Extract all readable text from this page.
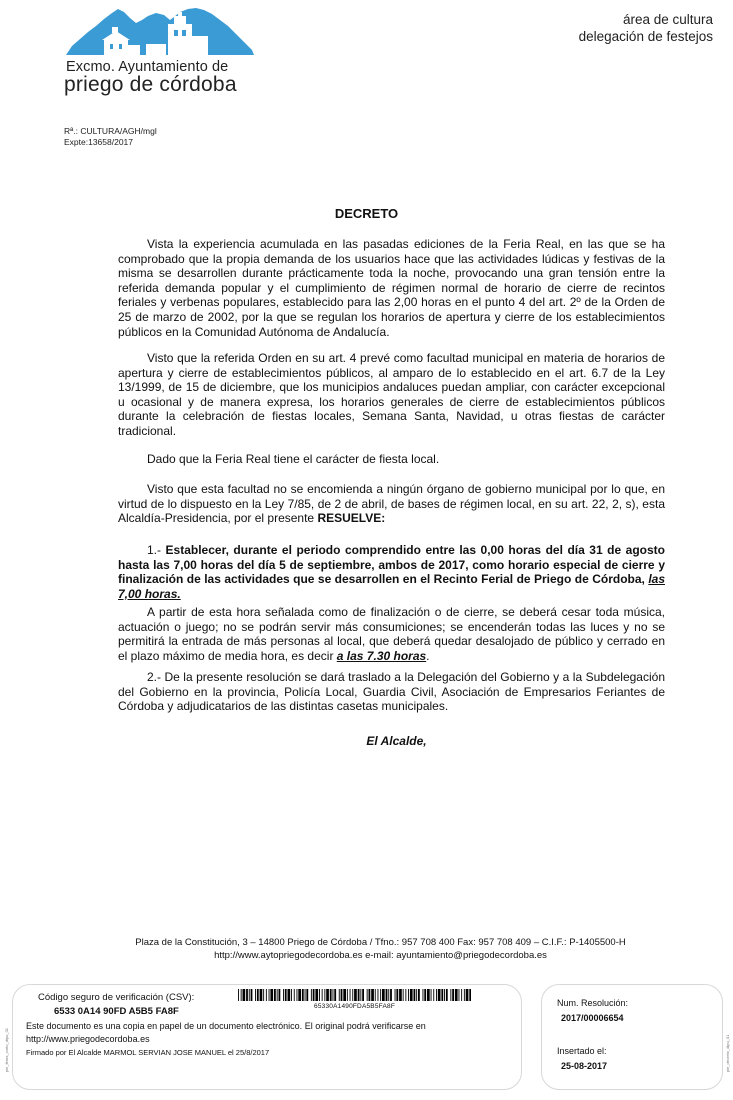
Excmo. Ayuntamiento de
priego de córdoba
área de cultura
delegación de festejos
Rª.: CULTURA/AGH/mgl
Expte:13658/2017
DECRETO

Vista la experiencia acumulada en las pasadas ediciones de la Feria Real, en las que se ha comprobado que la propia demanda de los usuarios hace que las actividades lúdicas y festivas de la misma se desarrollen durante prácticamente toda la noche, provocando una gran tensión entre la referida demanda popular y el cumplimiento de régimen normal de horario de cierre de recintos feriales y verbenas populares, establecido para las 2,00 horas en el punto 4 del art. 2º de la Orden de 25 de marzo de 2002, por la que se regulan los horarios de apertura y cierre de los establecimientos públicos en la Comunidad Autónoma de Andalucía.

Visto que la referida Orden en su art. 4 prevé como facultad municipal en materia de horarios de apertura y cierre de establecimientos públicos, al amparo de lo establecido en el art. 6.7 de la Ley 13/1999, de 15 de diciembre, que los municipios andaluces puedan ampliar, con carácter excepcional u ocasional y de manera expresa, los horarios generales de cierre de establecimientos públicos durante la celebración de fiestas locales, Semana Santa, Navidad, u otras fiestas de carácter tradicional.

Dado que la Feria Real tiene el carácter de fiesta local.

Visto que esta facultad no se encomienda a ningún órgano de gobierno municipal por lo que, en virtud de lo dispuesto en la Ley 7/85, de 2 de abril, de bases de régimen local, en su art. 22, 2, s), esta Alcaldía-Presidencia, por el presente RESUELVE:

1.- Establecer, durante el periodo comprendido entre las 0,00 horas del día 31 de agosto hasta las 7,00 horas del día 5 de septiembre, ambos de 2017, como horario especial de cierre y finalización de las actividades que se desarrollen en el Recinto Ferial de Priego de Córdoba, las 7,00 horas.

A partir de esta hora señalada como de finalización o de cierre, se deberá cesar toda música, actuación o juego; no se podrán servir más consumiciones; se encenderán todas las luces y no se permitirá la entrada de más personas al local, que deberá quedar desalojado de público y cerrado en el plazo máximo de media hora, es decir a las 7.30 horas.

2.- De la presente resolución se dará traslado a la Delegación del Gobierno y a la Subdelegación del Gobierno en la provincia, Policía Local, Guardia Civil, Asociación de Empresarios Feriantes de Córdoba y adjudicatarios de las distintas casetas municipales.

El Alcalde,
Plaza de la Constitución, 3 – 14800 Priego de Córdoba / Tfno.: 957 708 400 Fax: 957 708 409 – C.I.F.: P-1405500-H
http://www.aytopriegodecordoba.es e-mail: ayuntamiento@priegodecordoba.es
pie_firma_corto_dipu_01	pie_decreto_dipu_01
Código seguro de verificación (CSV):
6533 0A14 90FD A5B5 FA8F	65330A1490FDA5B5FA8F
Este documento es una copia en papel de un documento electrónico. El original podrá verificarse en
http://www.priegodecordoba.es
Firmado por El Alcalde MARMOL SERVIAN JOSE MANUEL el 25/8/2017
Num. Resolución:
2017/00006654
Insertado el:
25-08-2017
